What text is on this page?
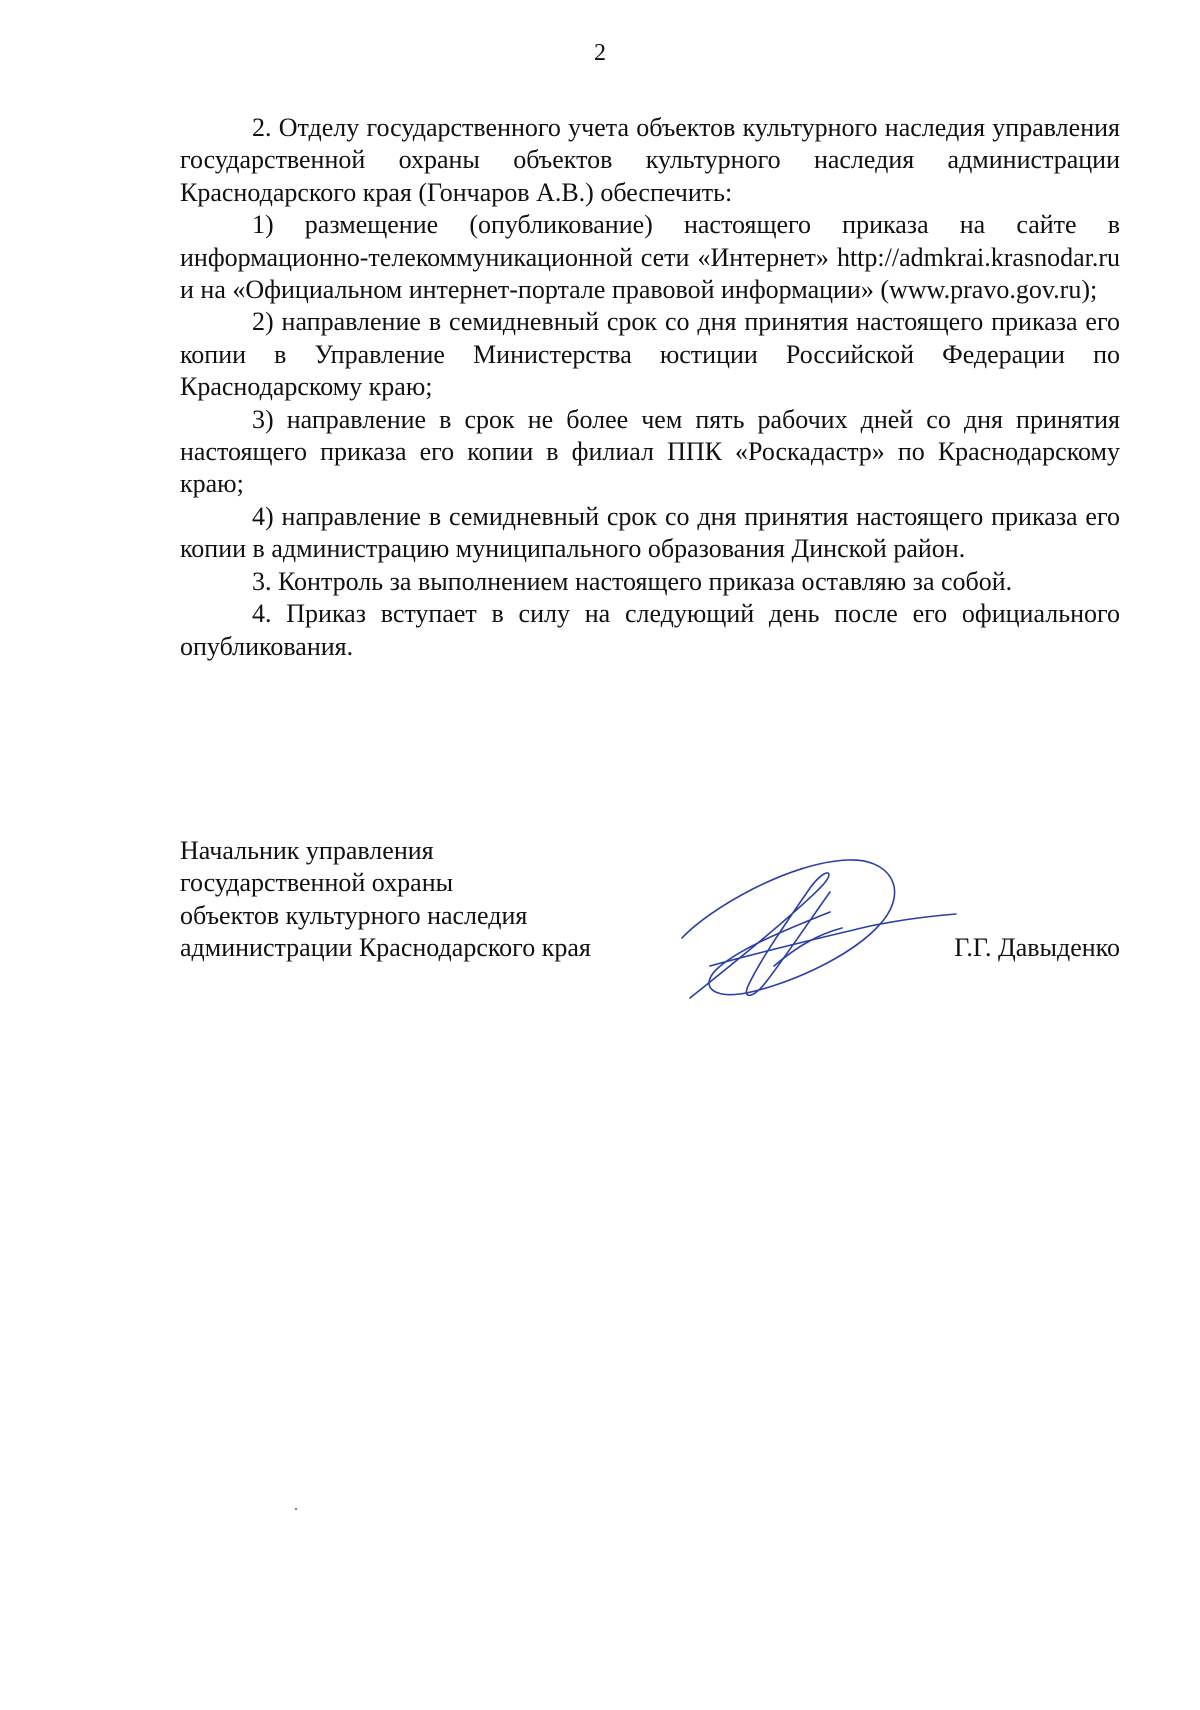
2

2. Отделу государственного учета объектов культурного наследия управления государственной охраны объектов культурного наследия администрации Краснодарского края (Гончаров А.В.) обеспечить:

1) размещение (опубликование) настоящего приказа на сайте в информационно-телекоммуникационной сети «Интернет» http://admkrai.krasnodar.ru и на «Официальном интернет-портале правовой информации» (www.pravo.gov.ru);

2) направление в семидневный срок со дня принятия настоящего приказа его копии в Управление Министерства юстиции Российской Федерации по Краснодарскому краю;

3) направление в срок не более чем пять рабочих дней со дня принятия настоящего приказа его копии в филиал ППК «Роскадастр» по Краснодарскому краю;

4) направление в семидневный срок со дня принятия настоящего приказа его копии в администрацию муниципального образования Динской район.

3. Контроль за выполнением настоящего приказа оставляю за собой.

4. Приказ вступает в силу на следующий день после его официального опубликования.

Начальник управления
государственной охраны
объектов культурного наследия
администрации Краснодарского края	Г.Г. Давыденко
